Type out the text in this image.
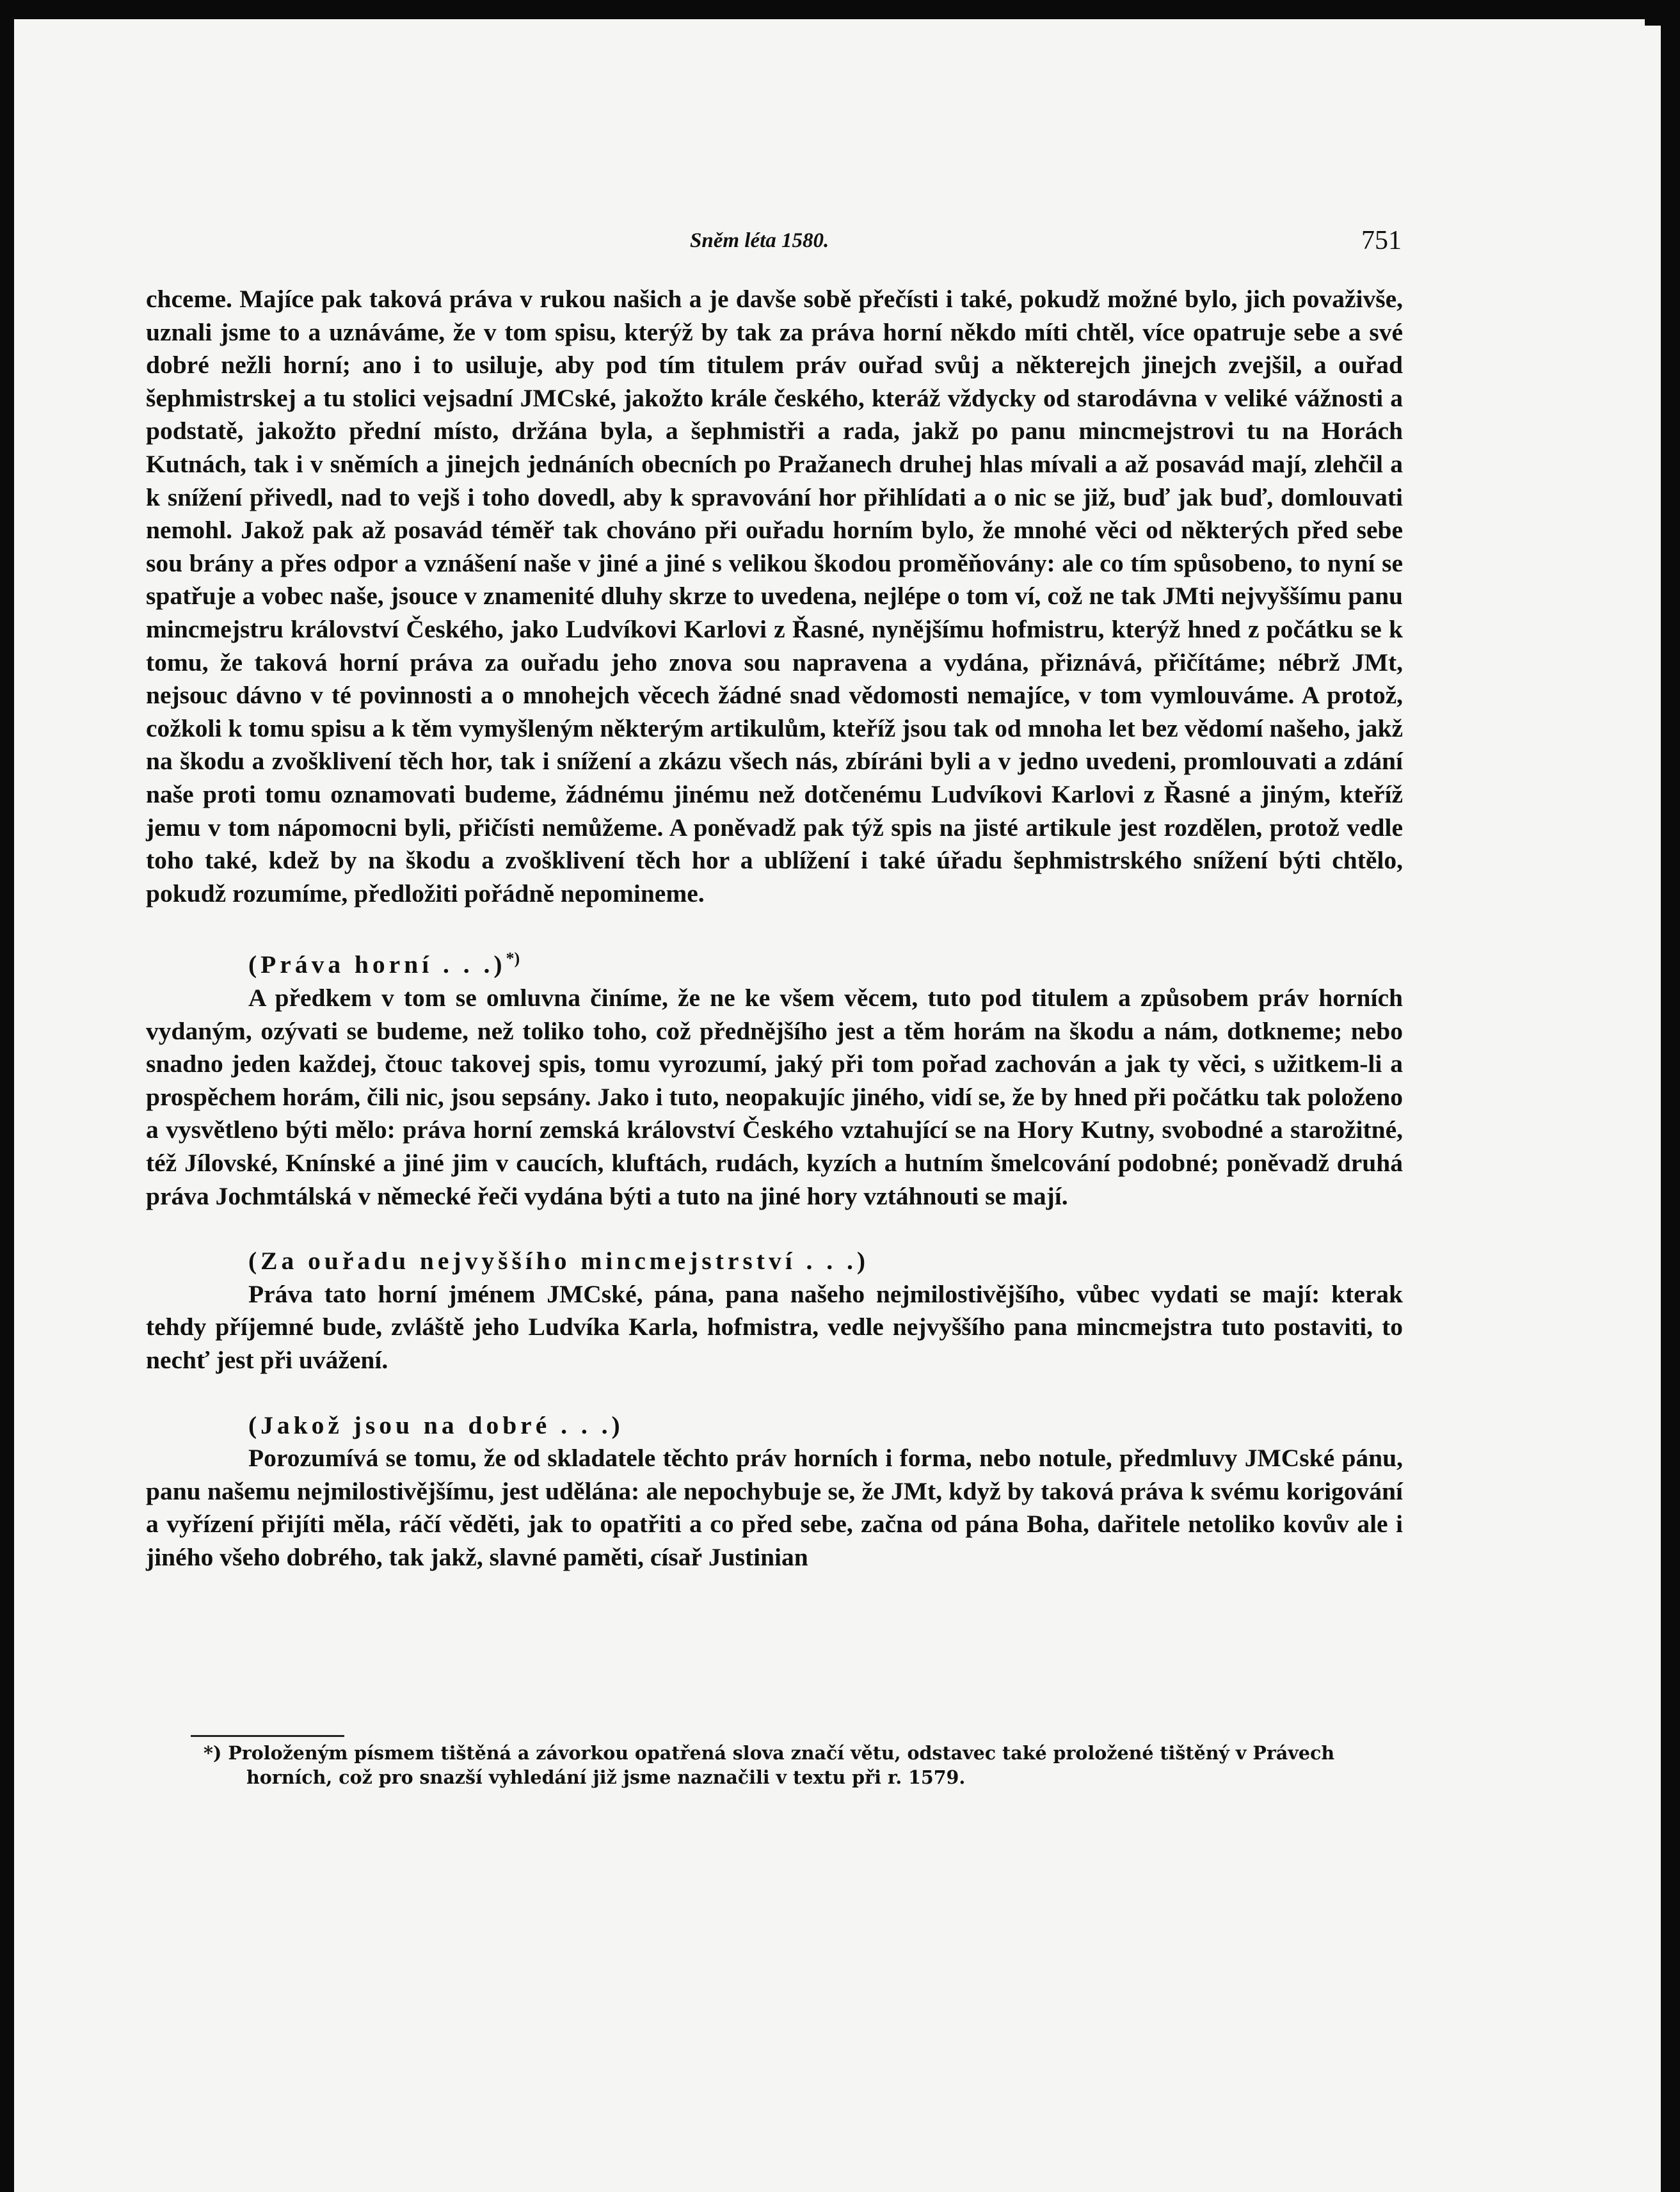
Sněm léta 1580.	751

chceme. Majíce pak taková práva v rukou našich a je davše sobě přečísti i také, pokudž možné bylo, jich považivše, uznali jsme to a uznáváme, že v tom spisu, kterýž by tak za práva horní někdo míti chtěl, více opatruje sebe a své dobré nežli horní; ano i to usiluje, aby pod tím titulem práv ouřad svůj a některejch jinejch zvejšil, a ouřad šephmistrskej a tu stolici vejsadní JMCské, jakožto krále českého, kteráž vždycky od starodávna v veliké vážnosti a podstatě, jakožto přední místo, držána byla, a šephmistři a rada, jakž po panu mincmejstrovi tu na Horách Kutnách, tak i v sněmích a jinejch jednáních obecních po Pražanech druhej hlas mívali a až posavád mají, zlehčil a k snížení přivedl, nad to vejš i toho dovedl, aby k spravování hor přihlídati a o nic se již, buď jak buď, domlouvati nemohl. Jakož pak až posavád téměř tak chováno při ouřadu horním bylo, že mnohé věci od některých před sebe sou brány a přes odpor a vznášení naše v jiné a jiné s velikou škodou proměňovány: ale co tím spůsobeno, to nyní se spatřuje a vobec naše, jsouce v znamenité dluhy skrze to uvedena, nejlépe o tom ví, což ne tak JMti nejvyššímu panu mincmejstru království Českého, jako Ludvíkovi Karlovi z Řasné, nynějšímu hofmistru, kterýž hned z počátku se k tomu, že taková horní práva za ouřadu jeho znova sou napravena a vydána, přiznává, přičítáme; nébrž JMt, nejsouc dávno v té povinnosti a o mnohejch věcech žádné snad vědomosti nemajíce, v tom vymlouváme. A protož, cožkoli k tomu spisu a k těm vymyšleným některým artikulům, kteříž jsou tak od mnoha let bez vědomí našeho, jakž na škodu a zvošklivení těch hor, tak i snížení a zkázu všech nás, zbíráni byli a v jedno uvedeni, promlouvati a zdání naše proti tomu oznamovati budeme, žádnému jinému než dotčenému Ludvíkovi Karlovi z Řasné a jiným, kteříž jemu v tom nápomocni byli, přičísti nemůžeme. A poněvadž pak týž spis na jisté artikule jest rozdělen, protož vedle toho také, kdež by na škodu a zvošklivení těch hor a ublížení i také úřadu šephmistrského snížení býti chtělo, pokudž rozumíme, předložiti pořádně nepomineme.

(Práva horní . . .)*)

A předkem v tom se omluvna činíme, že ne ke všem věcem, tuto pod titulem a způsobem práv horních vydaným, ozývati se budeme, než toliko toho, což přednějšího jest a těm horám na škodu a nám, dotkneme; nebo snadno jeden každej, čtouc takovej spis, tomu vyrozumí, jaký při tom pořad zachován a jak ty věci, s užitkem-li a prospěchem horám, čili nic, jsou sepsány. Jako i tuto, neopakujíc jiného, vidí se, že by hned při počátku tak položeno a vysvětleno býti mělo: práva horní zemská království Českého vztahující se na Hory Kutny, svobodné a starožitné, též Jílovské, Knínské a jiné jim v caucích, kluftách, rudách, kyzích a hutním šmelcování podobné; poněvadž druhá práva Jochmtálská v německé řeči vydána býti a tuto na jiné hory vztáhnouti se mají.

(Za ouřadu nejvyššího mincmejstrství . . .)

Práva tato horní jménem JMCské, pána, pana našeho nejmilostivějšího, vůbec vydati se mají: kterak tehdy příjemné bude, zvláště jeho Ludvíka Karla, hofmistra, vedle nejvyššího pana mincmejstra tuto postaviti, to nechť jest při uvážení.

(Jakož jsou na dobré . . .)

Porozumívá se tomu, že od skladatele těchto práv horních i forma, nebo notule, předmluvy JMCské pánu, panu našemu nejmilostivějšímu, jest udělána: ale nepochybuje se, že JMt, když by taková práva k svému korigování a vyřízení přijíti měla, ráčí věděti, jak to opatřiti a co před sebe, začna od pána Boha, dařitele netoliko kovův ale i jiného všeho dobrého, tak jakž, slavné paměti, císař Justinian

*) Proloženým písmem tištěná a závorkou opatřená slova značí větu, odstavec také proložené tištěný v Právech
horních, což pro snazší vyhledání již jsme naznačili v textu při r. 1579.
